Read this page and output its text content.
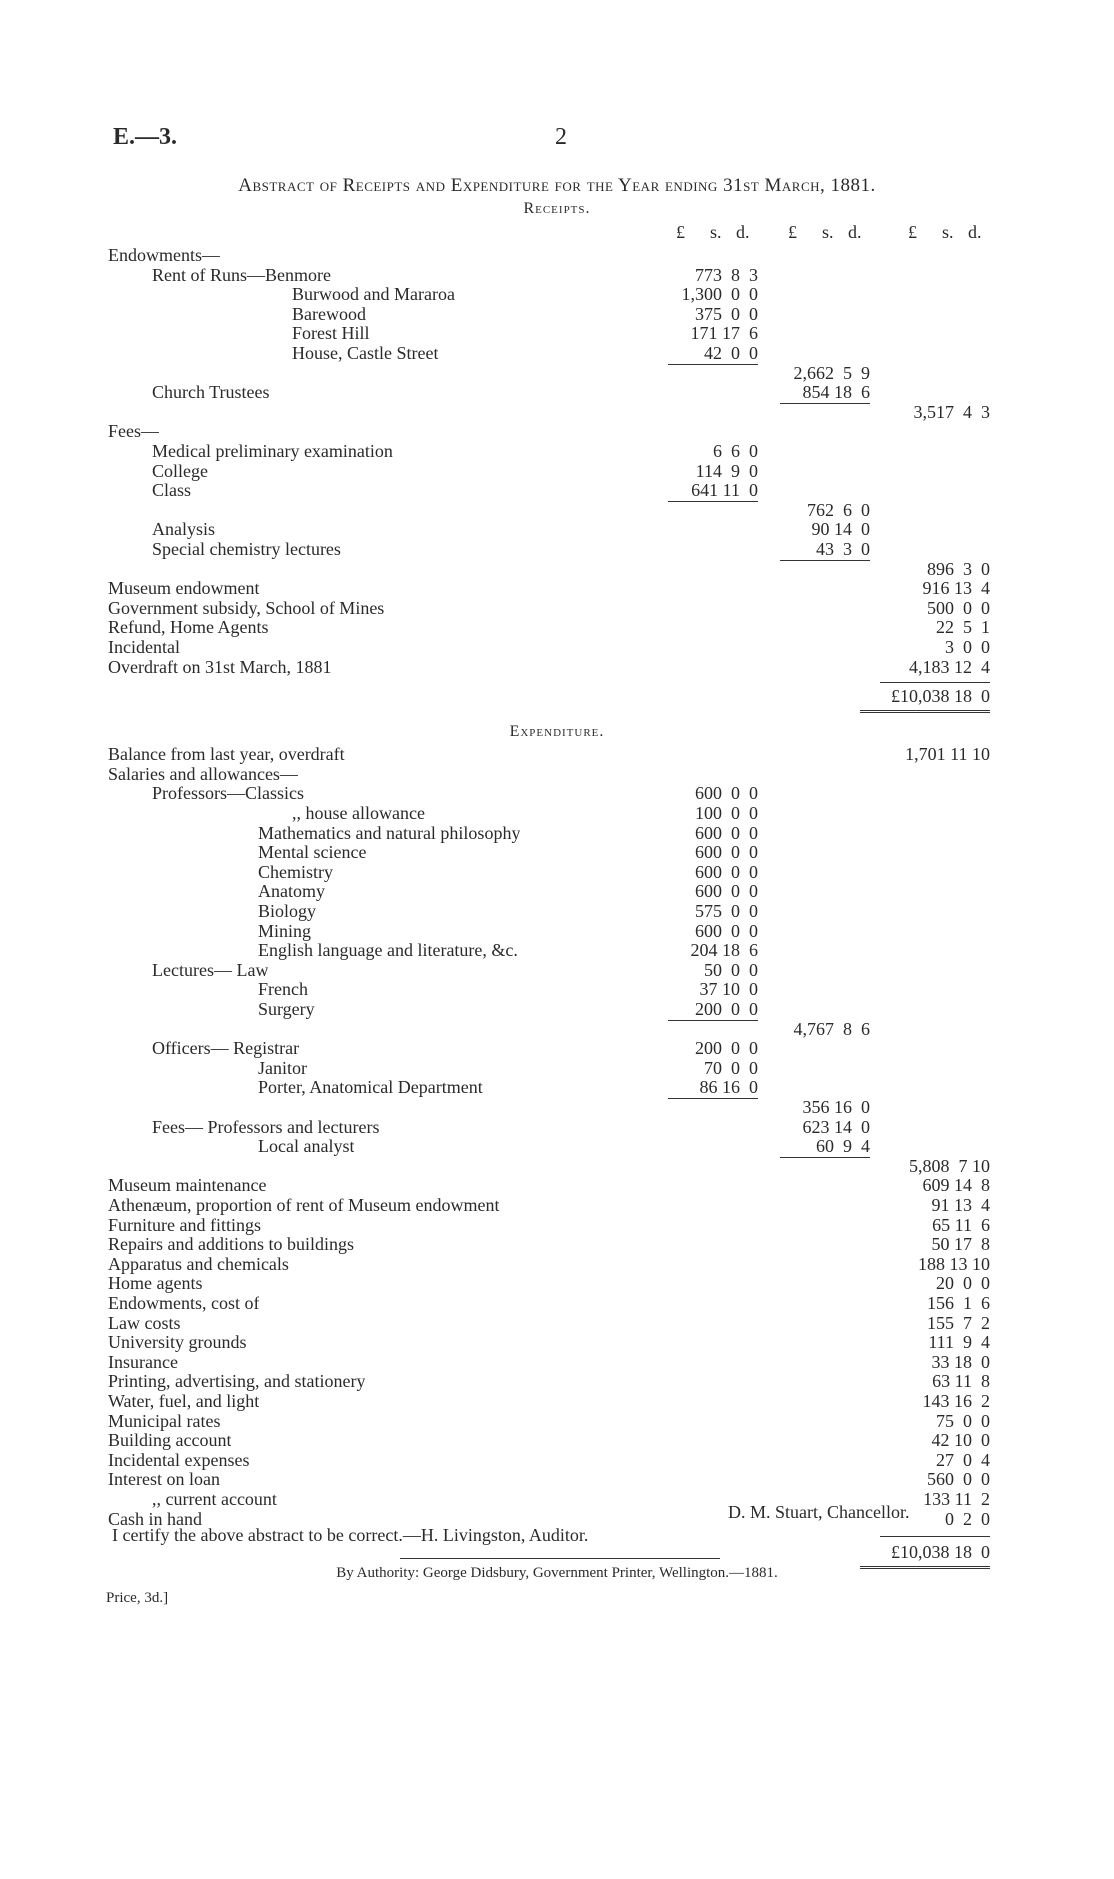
E.—3.	2
Abstract of Receipts and Expenditure for the Year ending 31st March, 1881.
Receipts.
£ s. d. £ s. d.	£ s. d.
Endowments—
Rent of Runs—Benmore	773  8  3
Burwood and Mararoa	1,300  0  0
Barewood	375  0  0
Forest Hill	171 17  6
House, Castle Street	42  0  0
2,662  5  9
Church Trustees	854 18  6
3,517  4  3
Fees—
Medical preliminary examination	6  6  0
College	114  9  0
Class	641 11  0
762  6  0
Analysis	90 14  0
Special chemistry lectures	43  3  0
896  3  0
Museum endowment	916 13  4
Government subsidy, School of Mines	500  0  0
Refund, Home Agents	22  5  1
Incidental	3  0  0
Overdraft on 31st March, 1881	4,183 12  4
£10,038 18  0
Expenditure.
Balance from last year, overdraft	1,701 11 10
Salaries and allowances—
Professors—Classics	600  0  0
,, house allowance	100  0  0
Mathematics and natural philosophy	600  0  0
Mental science	600  0  0
Chemistry	600  0  0
Anatomy	600  0  0
Biology	575  0  0
Mining	600  0  0
English language and literature, &c.	204 18  6
Lectures— Law	50  0  0
French	37 10  0
Surgery	200  0  0
4,767  8  6
Officers— Registrar	200  0  0
Janitor	70  0  0
Porter, Anatomical Department	86 16  0
356 16  0
Fees— Professors and lecturers	623 14  0
Local analyst	60  9  4
5,808  7 10
Museum maintenance	609 14  8
Athenæum, proportion of rent of Museum endowment	91 13  4
Furniture and fittings	65 11  6
Repairs and additions to buildings	50 17  8
Apparatus and chemicals	188 13 10
Home agents	20  0  0
Endowments, cost of	156  1  6
Law costs	155  7  2
University grounds	111  9  4
Insurance	33 18  0
Printing, advertising, and stationery	63 11  8
Water, fuel, and light	143 16  2
Municipal rates	75  0  0
Building account	42 10  0
Incidental expenses	27  0  4
Interest on loan	560  0  0
,, current account	133 11  2
Cash in hand	0  2  0
£10,038 18  0
D. M. Stuart, Chancellor.
I certify the above abstract to be correct.—H. Livingston, Auditor.
By Authority: George Didsbury, Government Printer, Wellington.—1881.
Price, 3d.]
